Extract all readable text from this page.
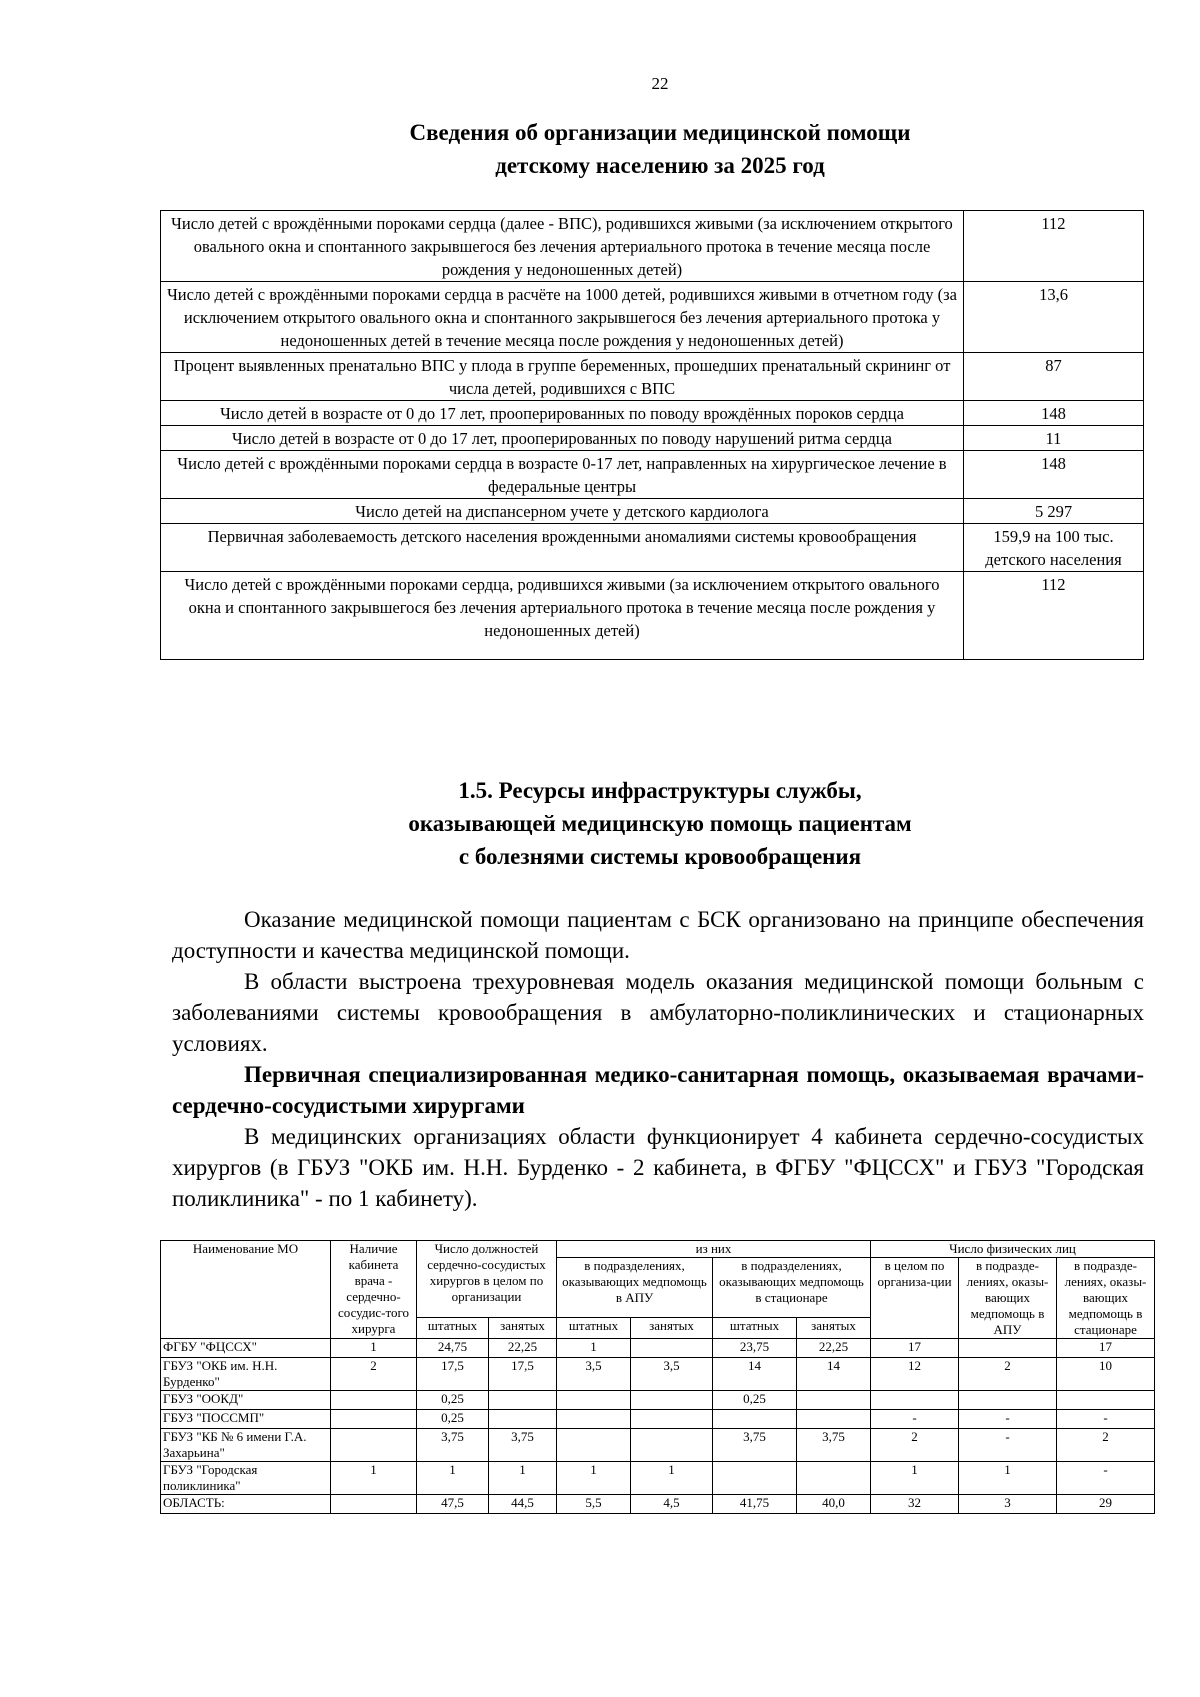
22
Сведения об организации медицинской помощи
детскому населению за 2025 год
Число детей с врождёнными пороками сердца (далее - ВПС), родившихся живыми (за исключением открытого овального окна и спонтанного закрывшегося без лечения артериального протока в течение месяца после рождения у недоношенных детей)	112
Число детей с врождёнными пороками сердца в расчёте на 1000 детей, родившихся живыми в отчетном году (за исключением открытого овального окна и спонтанного закрывшегося без лечения артериального протока у недоношенных детей в течение месяца после рождения у недоношенных детей)	13,6
Процент выявленных пренатально ВПС у плода в группе беременных, прошедших пренатальный скрининг от числа детей, родившихся с ВПС	87
Число детей в возрасте от 0 до 17 лет, прооперированных по поводу врождённых пороков сердца	148
Число детей в возрасте от 0 до 17 лет, прооперированных по поводу нарушений ритма сердца	11
Число детей с врождёнными пороками сердца в возрасте 0-17 лет, направленных на хирургическое лечение в федеральные центры	148
Число детей на диспансерном учете у детского кардиолога	5 297
Первичная заболеваемость детского населения врожденными аномалиями системы кровообращения	159,9 на 100 тыс. детского населения
Число детей с врождёнными пороками сердца, родившихся живыми (за исключением открытого овального окна и спонтанного закрывшегося без лечения артериального протока в течение месяца после рождения у недоношенных детей)	112
1.5. Ресурсы инфраструктуры службы,
оказывающей медицинскую помощь пациентам
с болезнями системы кровообращения

Оказание медицинской помощи пациентам с БСК организовано на принципе обеспечения доступности и качества медицинской помощи.

В области выстроена трехуровневая модель оказания медицинской помощи больным с заболеваниями системы кровообращения в амбулаторно-поликлинических и стационарных условиях.

Первичная специализированная медико-санитарная помощь, оказываемая врачами-сердечно-сосудистыми хирургами

В медицинских организациях области функционирует 4 кабинета сердечно-сосудистых хирургов (в ГБУЗ "ОКБ им. Н.Н. Бурденко - 2 кабинета, в ФГБУ "ФЦССХ" и ГБУЗ "Городская поликлиника" - по 1 кабинету).

Наименование МО	Наличие кабинета врача - сердечно-сосудис-того хирурга	Число должностей сердечно-сосудистых хирургов в целом по организации		из них				Число физических лиц		
				в подразделениях, оказывающих медпомощь в АПУ		в подразделениях, оказывающих медпомощь в стационаре		в целом по организа-ции	в подразде-лениях, оказы-вающих медпомощь в АПУ	в подразде-лениях, оказы-вающих медпомощь в стационаре
		штатных	занятых	штатных	занятых	штатных	занятых			
ФГБУ "ФЦССХ"	1	24,75	22,25	1		23,75	22,25	17		17
ГБУЗ "ОКБ им. Н.Н. Бурденко"	2	17,5	17,5	3,5	3,5	14	14	12	2	10
ГБУЗ "ООКД"		0,25				0,25				
ГБУЗ "ПОССМП"		0,25						-	-	-
ГБУЗ "КБ № 6 имени Г.А. Захарьина"		3,75	3,75			3,75	3,75	2	-	2
ГБУЗ "Городская поликлиника"	1	1	1	1	1			1	1	-
ОБЛАСТЬ:		47,5	44,5	5,5	4,5	41,75	40,0	32	3	29
